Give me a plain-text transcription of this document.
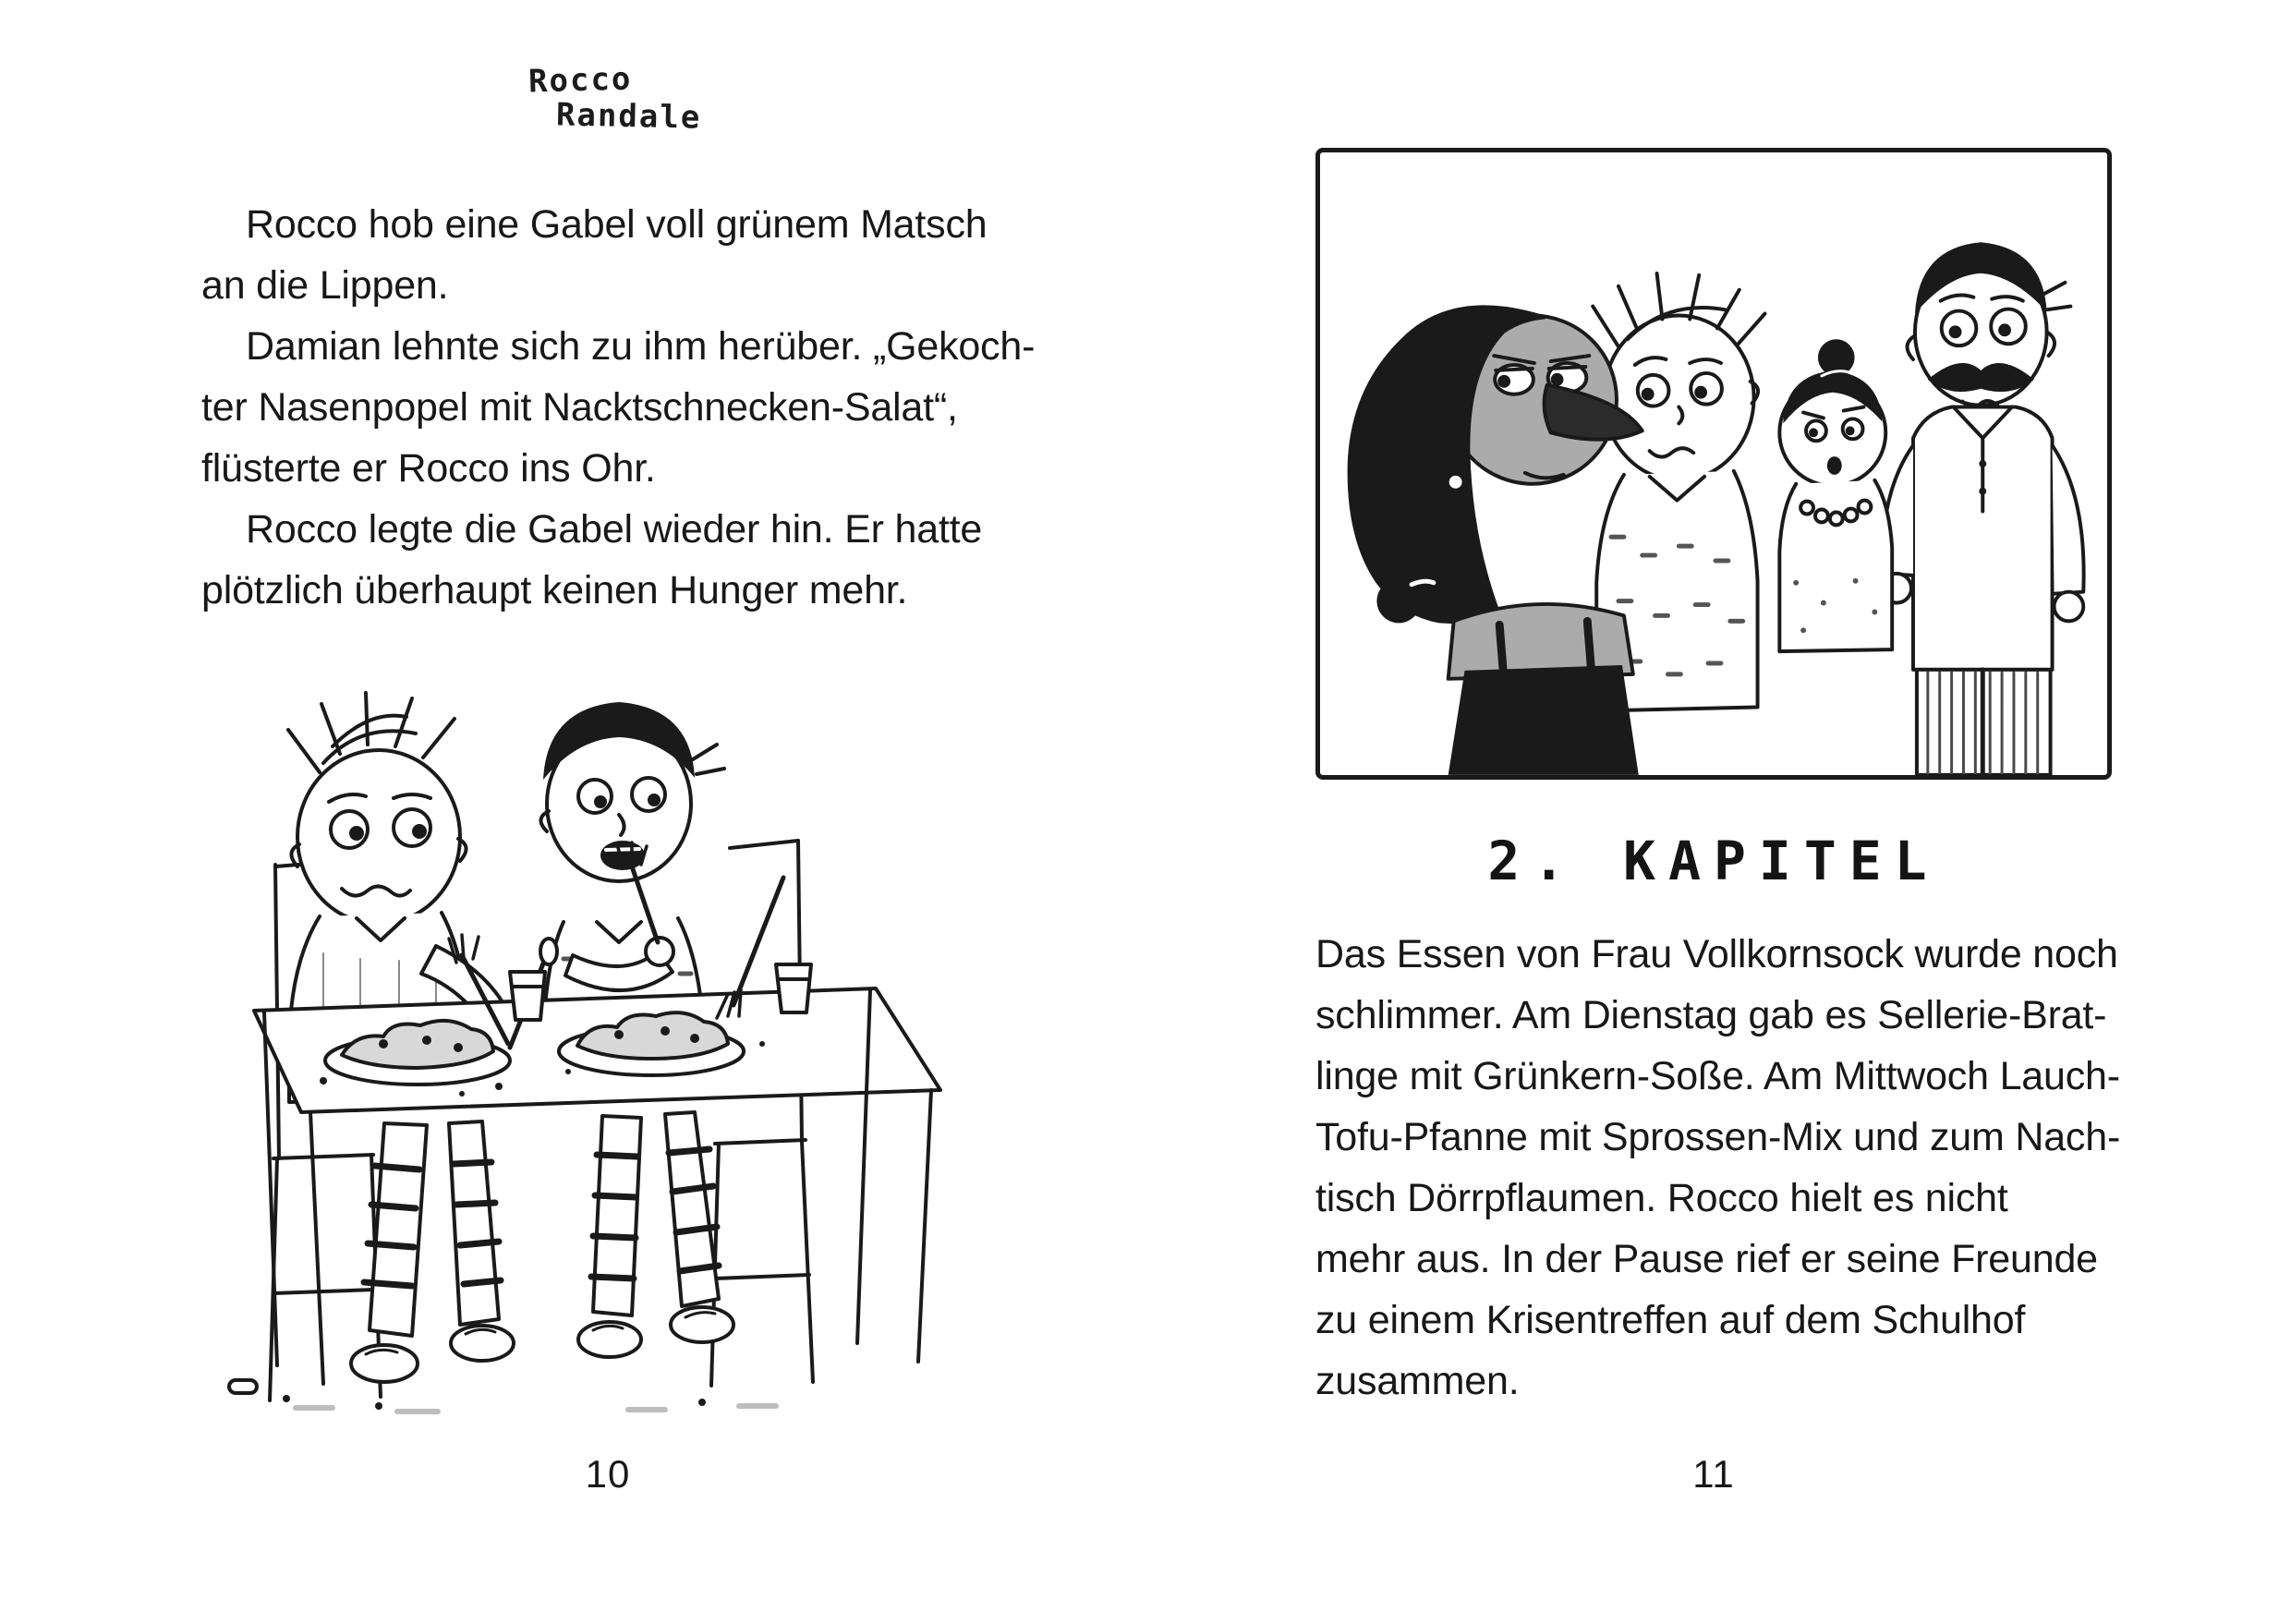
Rocco
Randale
Rocco hob eine Gabel voll grünem Matsch
an die Lippen.
Damian lehnte sich zu ihm herüber. „Gekoch-
ter Nasenpopel mit Nacktschnecken-Salat“,
flüsterte er Rocco ins Ohr.
Rocco legte die Gabel wieder hin. Er hatte
plötzlich überhaupt keinen Hunger mehr.
10
2. KAPITEL
Das Essen von Frau Vollkornsock wurde noch
schlimmer. Am Dienstag gab es Sellerie-Brat-
linge mit Grünkern-Soße. Am Mittwoch Lauch-
Tofu-Pfanne mit Sprossen-Mix und zum Nach-
tisch Dörrpflaumen. Rocco hielt es nicht
mehr aus. In der Pause rief er seine Freunde
zu einem Krisentreffen auf dem Schulhof
zusammen.
11
